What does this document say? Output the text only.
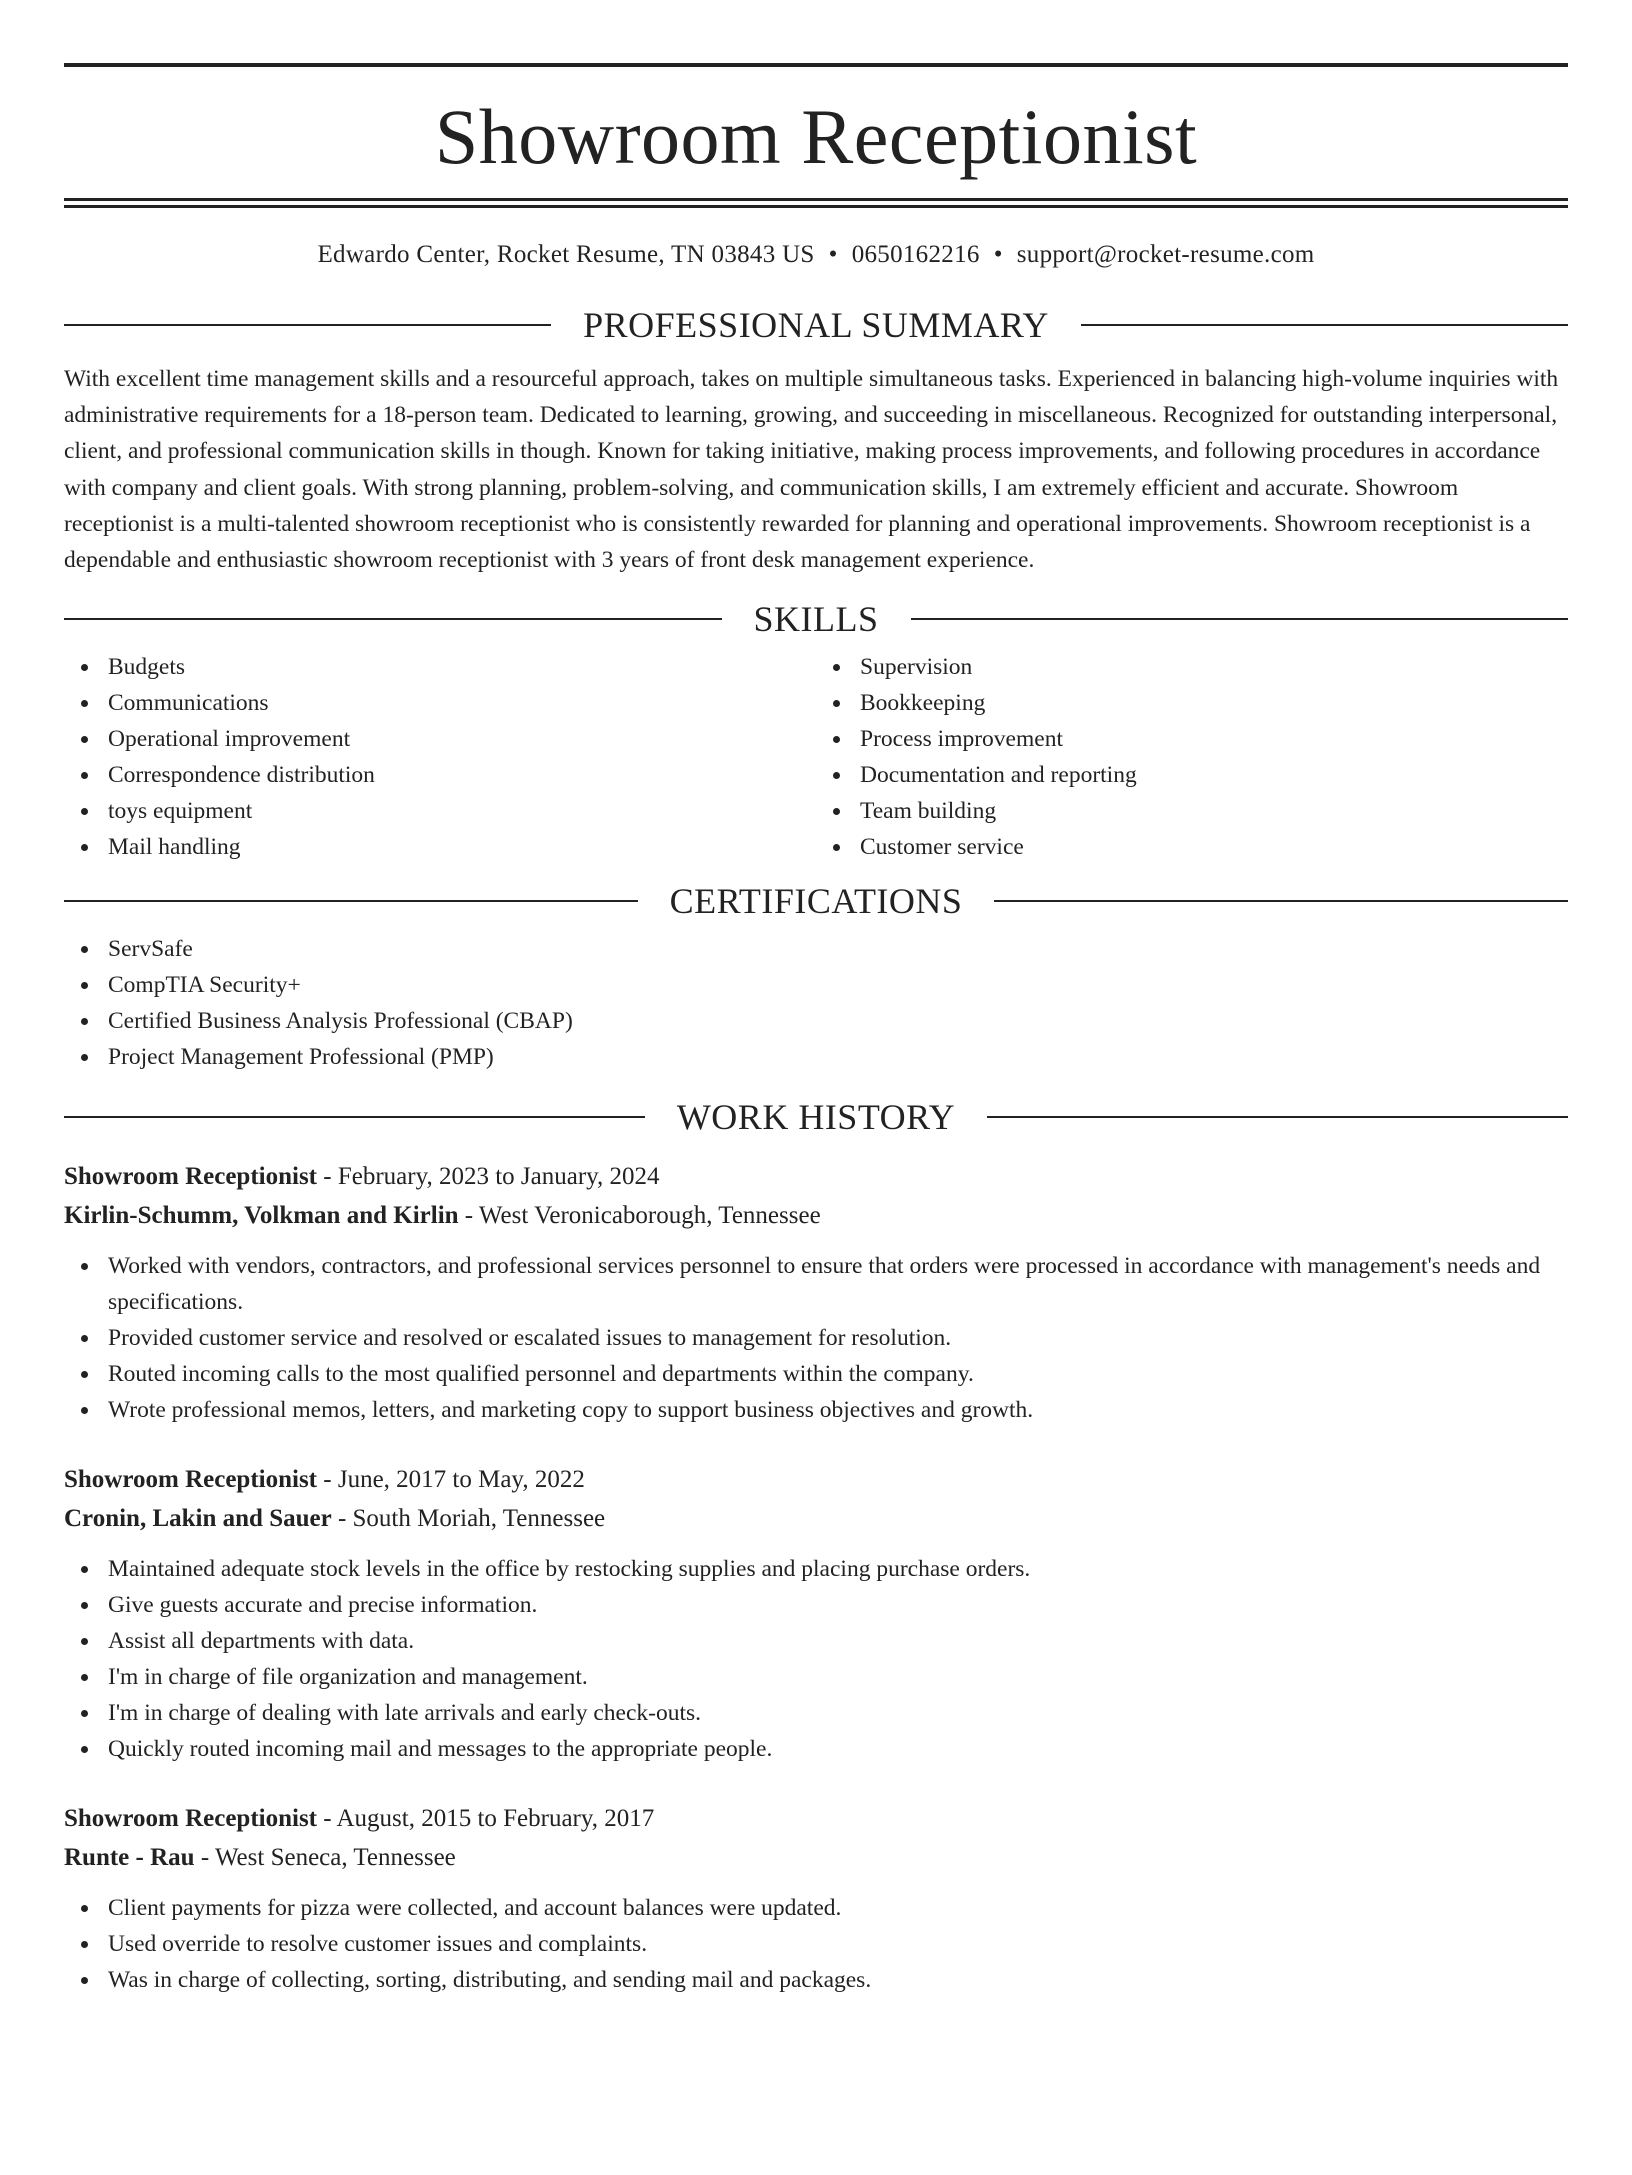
Showroom Receptionist
Edwardo Center, Rocket Resume, TN 03843 US • 0650162216 • support@rocket-resume.com
PROFESSIONAL SUMMARY

With excellent time management skills and a resourceful approach, takes on multiple simultaneous tasks. Experienced in balancing high-volume inquiries with administrative requirements for a 18-person team. Dedicated to learning, growing, and succeeding in miscellaneous. Recognized for outstanding interpersonal, client, and professional communication skills in though. Known for taking initiative, making process improvements, and following procedures in accordance with company and client goals. With strong planning, problem-solving, and communication skills, I am extremely efficient and accurate. Showroom receptionist is a multi-talented showroom receptionist who is consistently rewarded for planning and operational improvements. Showroom receptionist is a dependable and enthusiastic showroom receptionist with 3 years of front desk management experience.

SKILLS
Budgets
Communications
Operational improvement
Correspondence distribution
toys equipment
Mail handling
Supervision
Bookkeeping
Process improvement
Documentation and reporting
Team building
Customer service
CERTIFICATIONS
ServSafe
CompTIA Security+
Certified Business Analysis Professional (CBAP)
Project Management Professional (PMP)
WORK HISTORY
Showroom Receptionist - February, 2023 to January, 2024
Kirlin-Schumm, Volkman and Kirlin - West Veronicaborough, Tennessee
Worked with vendors, contractors, and professional services personnel to ensure that orders were processed in accordance with management's needs and specifications.
Provided customer service and resolved or escalated issues to management for resolution.
Routed incoming calls to the most qualified personnel and departments within the company.
Wrote professional memos, letters, and marketing copy to support business objectives and growth.
Showroom Receptionist - June, 2017 to May, 2022
Cronin, Lakin and Sauer - South Moriah, Tennessee
Maintained adequate stock levels in the office by restocking supplies and placing purchase orders.
Give guests accurate and precise information.
Assist all departments with data.
I'm in charge of file organization and management.
I'm in charge of dealing with late arrivals and early check-outs.
Quickly routed incoming mail and messages to the appropriate people.
Showroom Receptionist - August, 2015 to February, 2017
Runte - Rau - West Seneca, Tennessee
Client payments for pizza were collected, and account balances were updated.
Used override to resolve customer issues and complaints.
Was in charge of collecting, sorting, distributing, and sending mail and packages.
